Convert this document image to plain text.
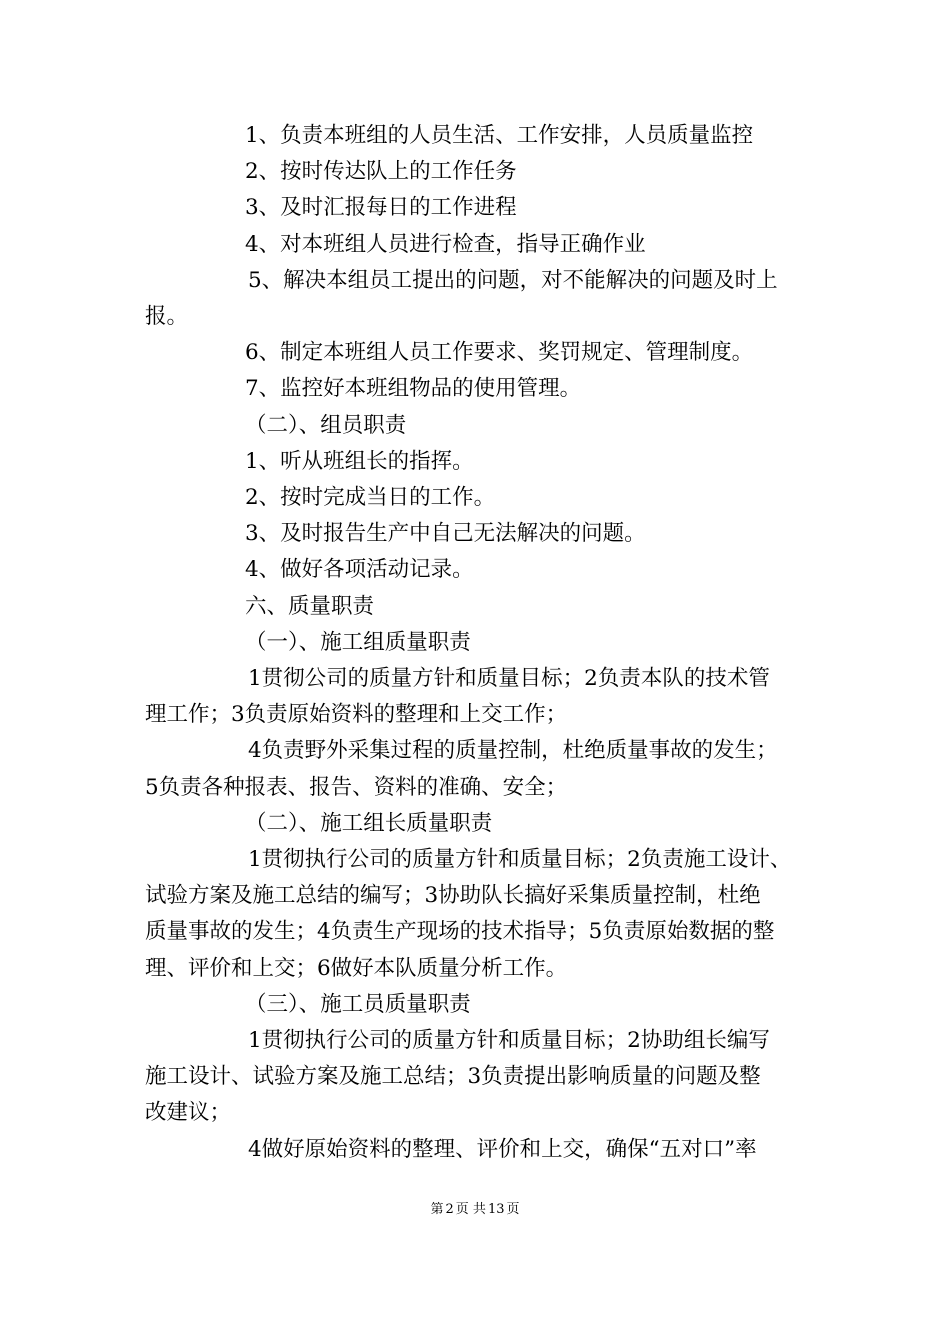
1、负责本班组的人员生活、工作安排，人员质量监控

2、按时传达队上的工作任务

3、及时汇报每日的工作进程

4、对本班组人员进行检查，指导正确作业

5、解决本组员工提出的问题，对不能解决的问题及时上

报。

6、制定本班组人员工作要求、奖罚规定、管理制度。

7、监控好本班组物品的使用管理。

（二）、组员职责

1、听从班组长的指挥。

2、按时完成当日的工作。

3、及时报告生产中自己无法解决的问题。

4、做好各项活动记录。

六、质量职责

（一）、施工组质量职责

1贯彻公司的质量方针和质量目标；2负责本队的技术管

理工作；3负责原始资料的整理和上交工作；

4负责野外采集过程的质量控制，杜绝质量事故的发生；

5负责各种报表、报告、资料的准确、安全；

（二）、施工组长质量职责

1贯彻执行公司的质量方针和质量目标；2负责施工设计、

试验方案及施工总结的编写；3协助队长搞好采集质量控制，杜绝

质量事故的发生；4负责生产现场的技术指导；5负责原始数据的整

理、评价和上交；6做好本队质量分析工作。

（三）、施工员质量职责

1贯彻执行公司的质量方针和质量目标；2协助组长编写

施工设计、试验方案及施工总结；3负责提出影响质量的问题及整

改建议；

4做好原始资料的整理、评价和上交，确保“五对口”率

第 2 页 共 13 页
